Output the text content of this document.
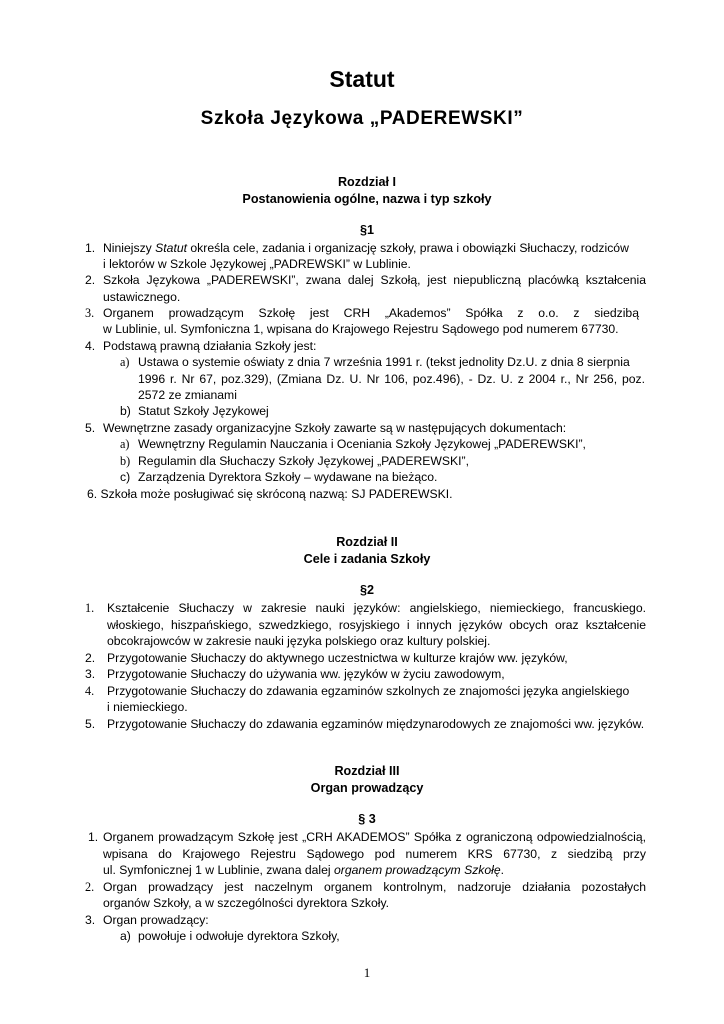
Statut
Szkoła Językowa „PADEREWSKI”
Rozdział I
Postanowienia ogólne, nazwa i typ szkoły
§1
1. Niniejszy Statut określa cele, zadania i organizację szkoły, prawa i obowiązki Słuchaczy, rodziców
i lektorów w Szkole Językowej „PADREWSKI” w Lublinie.
2. Szkoła Językowa „PADEREWSKI”, zwana dalej Szkołą, jest niepubliczną placówką kształcenia
ustawicznego.
3. Organem prowadzącym Szkołę jest CRH „Akademos” Spółka z o.o. z siedzibą
w Lublinie, ul. Symfoniczna 1, wpisana do Krajowego Rejestru Sądowego pod numerem 67730.
4. Podstawą prawną działania Szkoły jest:
a) Ustawa o systemie oświaty z dnia 7 września 1991 r. (tekst jednolity Dz.U. z dnia 8 sierpnia
1996 r. Nr 67, poz.329), (Zmiana Dz. U. Nr 106, poz.496), - Dz. U. z 2004 r., Nr 256, poz.
2572 ze zmianami
b) Statut Szkoły Językowej
5. Wewnętrzne zasady organizacyjne Szkoły zawarte są w następujących dokumentach:
a) Wewnętrzny Regulamin Nauczania i Oceniania Szkoły Językowej „PADEREWSKI”,
b) Regulamin dla Słuchaczy Szkoły Językowej „PADEREWSKI”,
c) Zarządzenia Dyrektora Szkoły – wydawane na bieżąco.
6. Szkoła może posługiwać się skróconą nazwą: SJ PADEREWSKI.
Rozdział II
Cele i zadania Szkoły
§2
1. Kształcenie Słuchaczy w zakresie nauki języków: angielskiego, niemieckiego, francuskiego.
włoskiego, hiszpańskiego, szwedzkiego, rosyjskiego i innych języków obcych oraz kształcenie
obcokrajowców w zakresie nauki języka polskiego oraz kultury polskiej.
2. Przygotowanie Słuchaczy do aktywnego uczestnictwa w kulturze krajów ww. języków,
3. Przygotowanie Słuchaczy do używania ww. języków w życiu zawodowym,
4. Przygotowanie Słuchaczy do zdawania egzaminów szkolnych ze znajomości języka angielskiego
i niemieckiego.
5. Przygotowanie Słuchaczy do zdawania egzaminów międzynarodowych ze znajomości ww. języków.
Rozdział III
Organ prowadzący
§ 3
1. Organem prowadzącym Szkołę jest „CRH AKADEMOS” Spółka z ograniczoną odpowiedzialnością,
wpisana do Krajowego Rejestru Sądowego pod numerem KRS 67730, z siedzibą przy
ul. Symfonicznej 1 w Lublinie, zwana dalej organem prowadzącym Szkołę.
2. Organ prowadzący jest naczelnym organem kontrolnym, nadzoruje działania pozostałych
organów Szkoły, a w szczególności dyrektora Szkoły.
3. Organ prowadzący:
a) powołuje i odwołuje dyrektora Szkoły,
1
